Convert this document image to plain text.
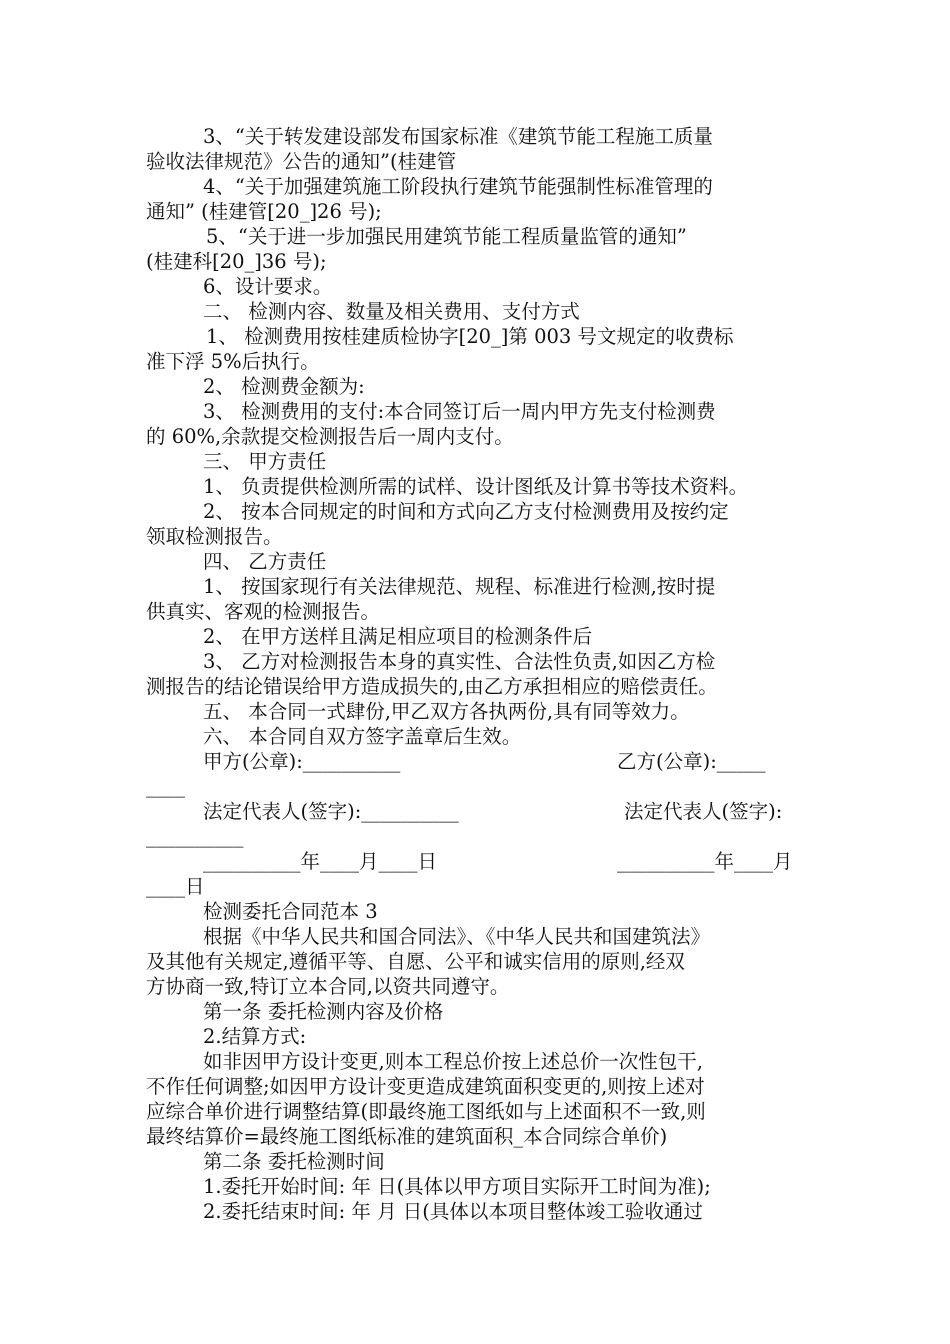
3、“关于转发建设部发布国家标准《建筑节能工程施工质量
验收法律规范》公告的通知”(桂建管
4、“关于加强建筑施工阶段执行建筑节能强制性标准管理的
通知” (桂建管[20_]26 号);
5、“关于进一步加强民用建筑节能工程质量监管的通知”
(桂建科[20_]36 号);
6、设计要求。
二、 检测内容、数量及相关费用、支付方式
1、 检测费用按桂建质检协字[20_]第 003 号文规定的收费标
准下浮 5%后执行。
2、 检测费金额为:
3、 检测费用的支付:本合同签订后一周内甲方先支付检测费
的 60%,余款提交检测报告后一周内支付。
三、 甲方责任
1、 负责提供检测所需的试样、设计图纸及计算书等技术资料。
2、 按本合同规定的时间和方式向乙方支付检测费用及按约定
领取检测报告。
四、 乙方责任
1、 按国家现行有关法律规范、规程、标准进行检测,按时提
供真实、客观的检测报告。
2、 在甲方送样且满足相应项目的检测条件后
3、 乙方对检测报告本身的真实性、合法性负责,如因乙方检
测报告的结论错误给甲方造成损失的,由乙方承担相应的赔偿责任。
五、 本合同一式肆份,甲乙双方各执两份,具有同等效力。
六、 本合同自双方签字盖章后生效。
甲方(公章):__________	乙方(公章):_____
____
法定代表人(签字):__________	法定代表人(签字):
__________
__________年____月____日	__________年____月
____日
检测委托合同范本 3
根据《中华人民共和国合同法》、《中华人民共和国建筑法》
及其他有关规定,遵循平等、自愿、公平和诚实信用的原则,经双
方协商一致,特订立本合同,以资共同遵守。
第一条 委托检测内容及价格
2.结算方式:
如非因甲方设计变更,则本工程总价按上述总价一次性包干,
不作任何调整;如因甲方设计变更造成建筑面积变更的,则按上述对
应综合单价进行调整结算(即最终施工图纸如与上述面积不一致,则
最终结算价=最终施工图纸标准的建筑面积_本合同综合单价)
第二条 委托检测时间
1.委托开始时间: 年 日(具体以甲方项目实际开工时间为准);
2.委托结束时间: 年 月 日(具体以本项目整体竣工验收通过
